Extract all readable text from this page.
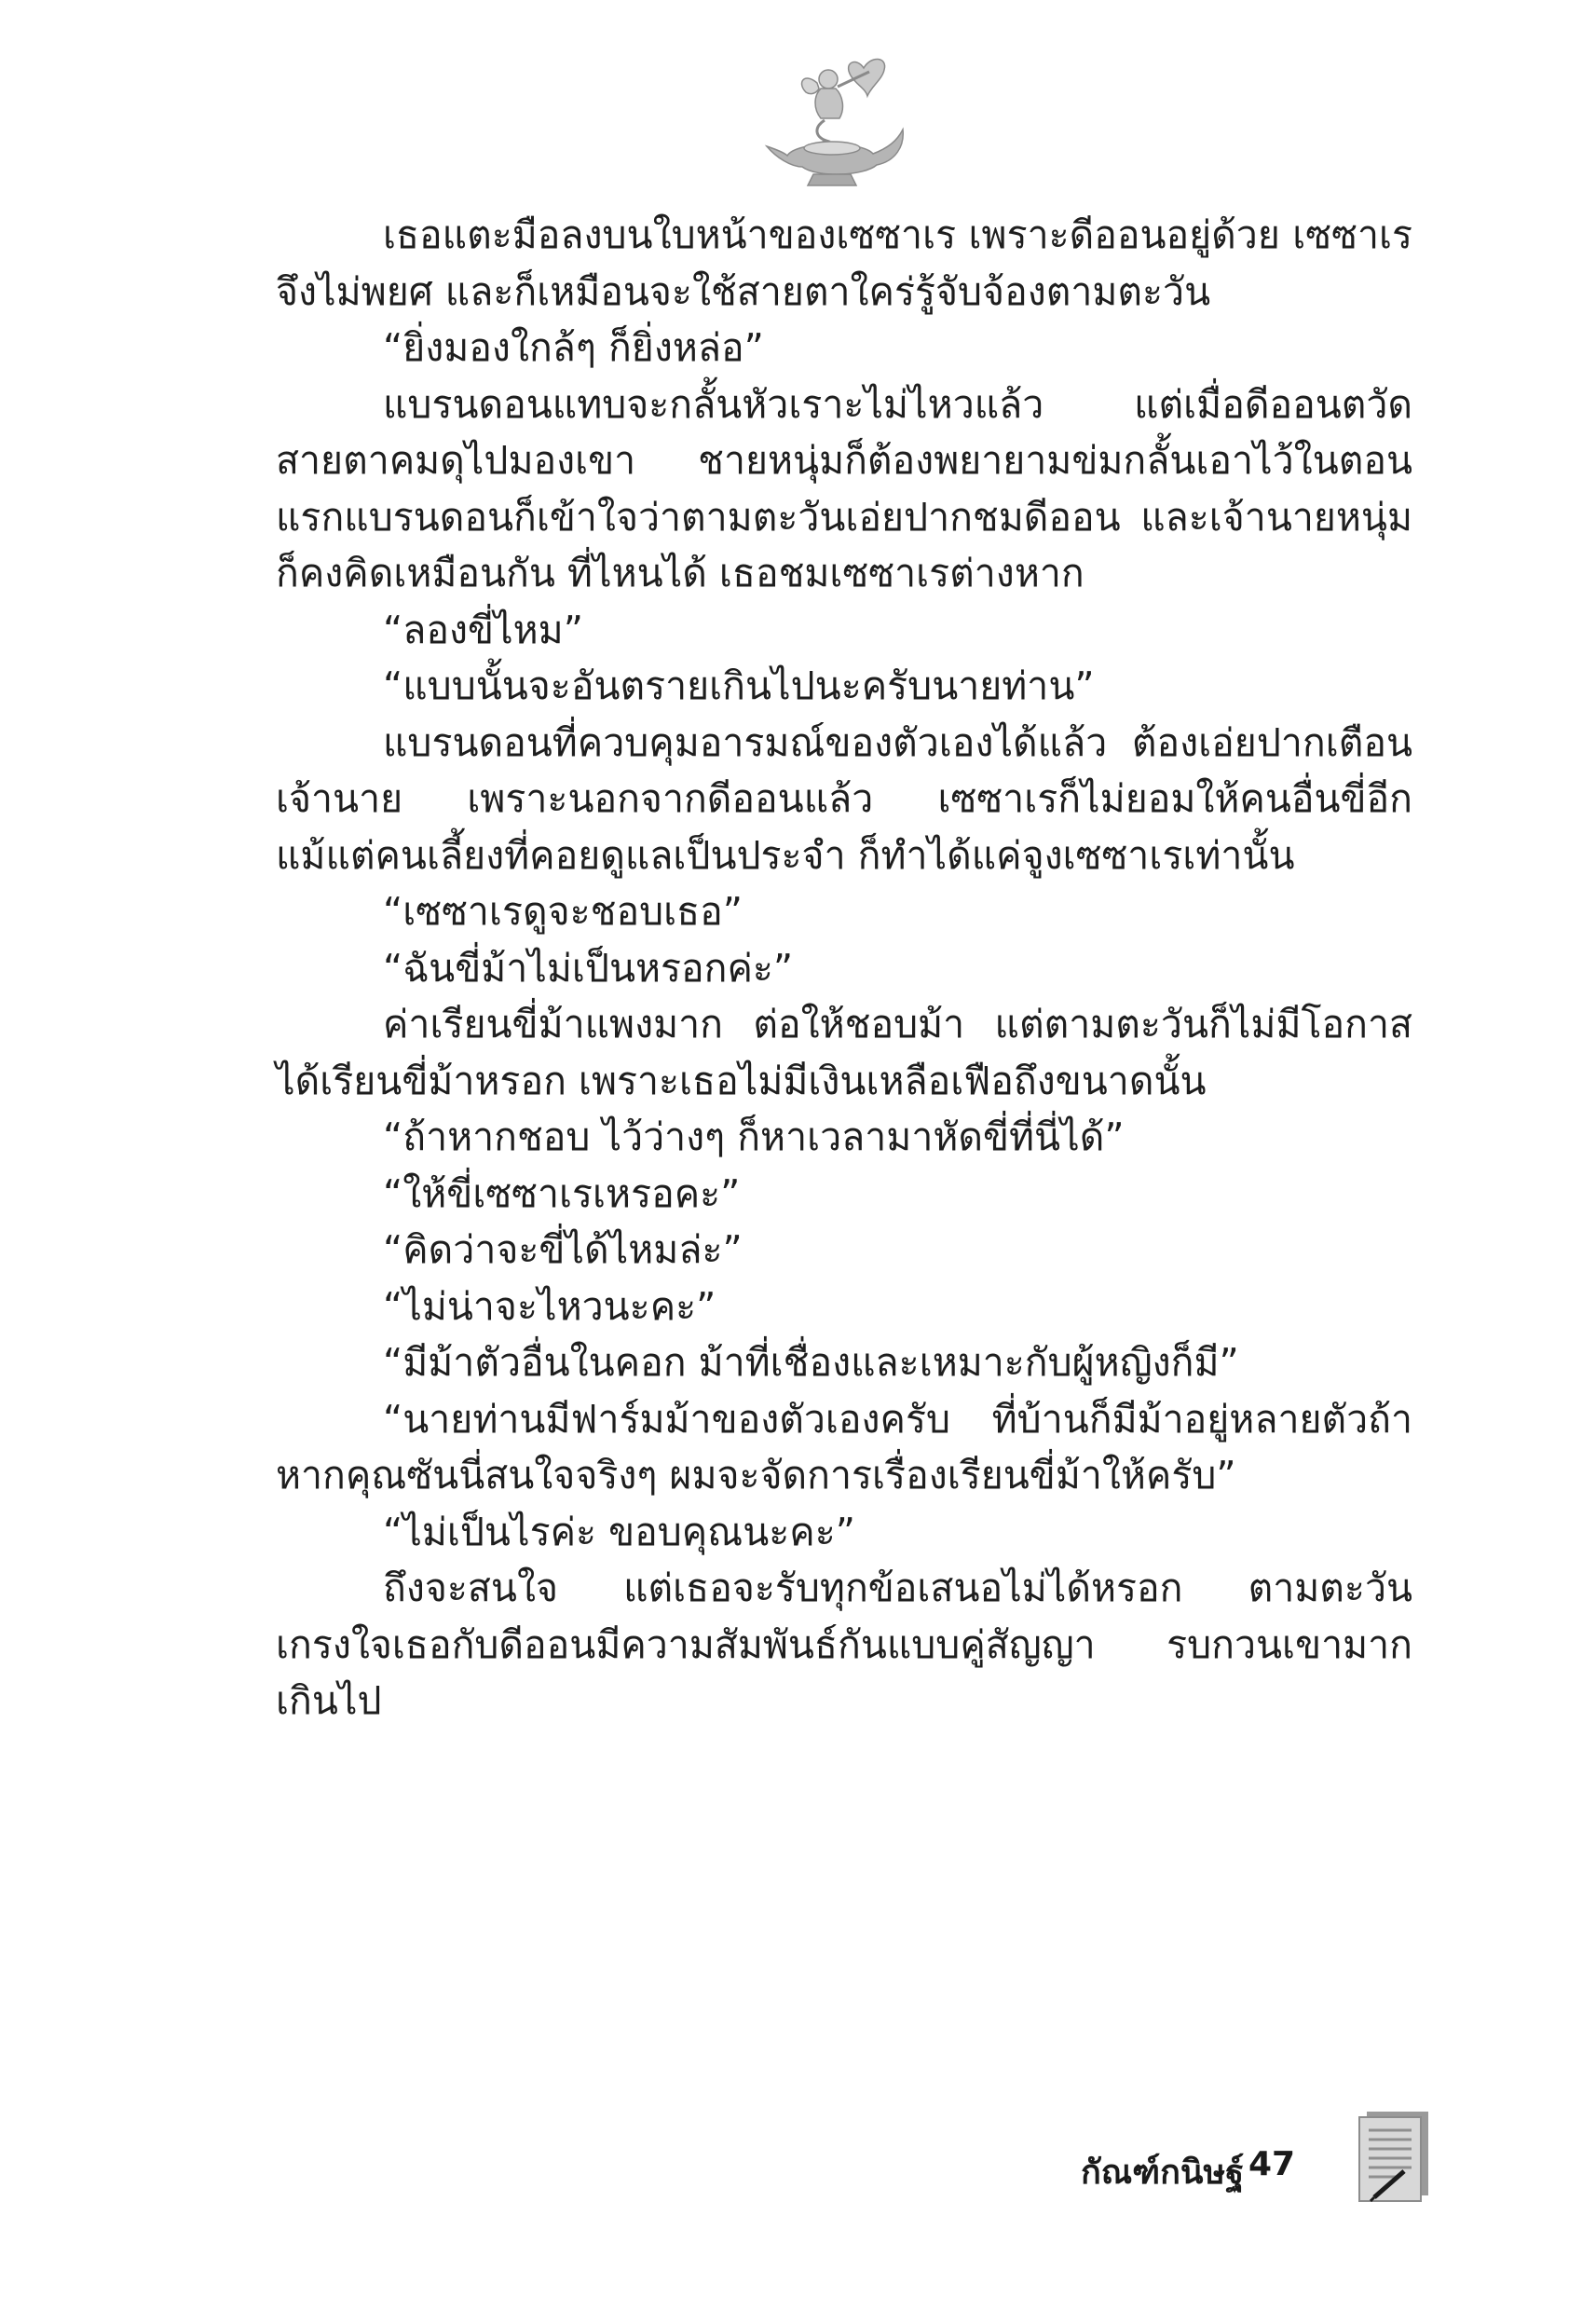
เธอแตะมือลงบนใบหน้าของเซซาเร เพราะดีออนอยู่ด้วย เซซาเรจึงไม่พยศ และก็เหมือนจะใช้สายตาใคร่รู้จับจ้องตามตะวัน

“ยิ่งมองใกล้ๆ ก็ยิ่งหล่อ”

แบรนดอนแทบจะกลั้นหัวเราะไม่ไหวแล้ว แต่เมื่อดีออนตวัดสายตาคมดุไปมองเขา ชายหนุ่มก็ต้องพยายามข่มกลั้นเอาไว้ในตอนแรกแบรนดอนก็เข้าใจว่าตามตะวันเอ่ยปากชมดีออน และเจ้านายหนุ่มก็คงคิดเหมือนกัน ที่ไหนได้ เธอชมเซซาเรต่างหาก

“ลองขี่ไหม”

“แบบนั้นจะอันตรายเกินไปนะครับนายท่าน”

แบรนดอนที่ควบคุมอารมณ์ของตัวเองได้แล้ว ต้องเอ่ยปากเตือนเจ้านาย เพราะนอกจากดีออนแล้ว เซซาเรก็ไม่ยอมให้คนอื่นขี่อีก แม้แต่คนเลี้ยงที่คอยดูแลเป็นประจำ ก็ทำได้แค่จูงเซซาเรเท่านั้น

“เซซาเรดูจะชอบเธอ”

“ฉันขี่ม้าไม่เป็นหรอกค่ะ”

ค่าเรียนขี่ม้าแพงมาก ต่อให้ชอบม้า แต่ตามตะวันก็ไม่มีโอกาสได้เรียนขี่ม้าหรอก เพราะเธอไม่มีเงินเหลือเฟือถึงขนาดนั้น

“ถ้าหากชอบ ไว้ว่างๆ ก็หาเวลามาหัดขี่ที่นี่ได้”

“ให้ขี่เซซาเรเหรอคะ”

“คิดว่าจะขี่ได้ไหมล่ะ”

“ไม่น่าจะไหวนะคะ”

“มีม้าตัวอื่นในคอก ม้าที่เชื่องและเหมาะกับผู้หญิงก็มี”

“นายท่านมีฟาร์มม้าของตัวเองครับ ที่บ้านก็มีม้าอยู่หลายตัวถ้าหากคุณซันนี่สนใจจริงๆ ผมจะจัดการเรื่องเรียนขี่ม้าให้ครับ”

“ไม่เป็นไรค่ะ ขอบคุณนะคะ”

ถึงจะสนใจ แต่เธอจะรับทุกข้อเสนอไม่ได้หรอก ตามตะวันเกรงใจเธอกับดีออนมีความสัมพันธ์กันแบบคู่สัญญา รบกวนเขามากเกินไป

กัณฑ์กนิษฐ์ 47
